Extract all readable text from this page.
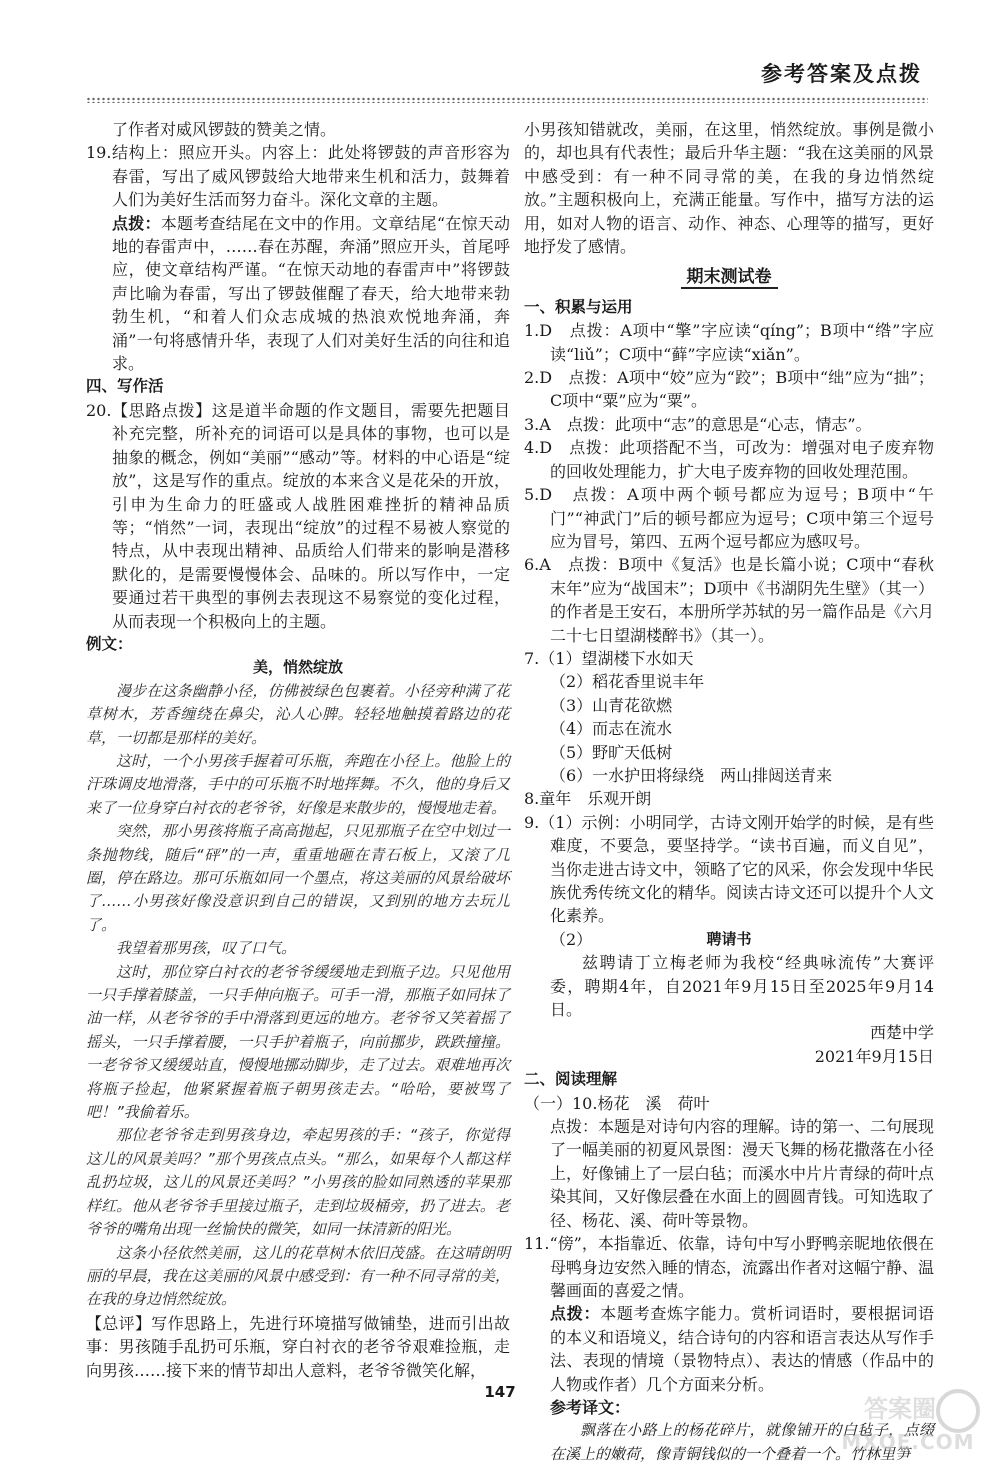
参考答案及点拨
了作者对威风锣鼓的赞美之情。
19.结构上：照应开头。内容上：此处将锣鼓的声音形容为春雷，写出了威风锣鼓给大地带来生机和活力，鼓舞着人们为美好生活而努力奋斗。深化文章的主题。
点拨：本题考查结尾在文中的作用。文章结尾“在惊天动地的春雷声中，……春在苏醒，奔涌”照应开头，首尾呼应，使文章结构严谨。“在惊天动地的春雷声中”将锣鼓声比喻为春雷，写出了锣鼓催醒了春天，给大地带来勃勃生机，“和着人们众志成城的热浪欢悦地奔涌，奔涌”一句将感情升华，表现了人们对美好生活的向往和追求。
四、写作活
20.【思路点拨】这是道半命题的作文题目，需要先把题目补充完整，所补充的词语可以是具体的事物，也可以是抽象的概念，例如“美丽”“感动”等。材料的中心语是“绽放”，这是写作的重点。绽放的本来含义是花朵的开放，引申为生命力的旺盛或人战胜困难挫折的精神品质等；“悄然”一词，表现出“绽放”的过程不易被人察觉的特点，从中表现出精神、品质给人们带来的影响是潜移默化的，是需要慢慢体会、品味的。所以写作中，一定要通过若干典型的事例去表现这不易察觉的变化过程，从而表现一个积极向上的主题。
例文：
美，悄然绽放
漫步在这条幽静小径，仿佛被绿色包裹着。小径旁种满了花草树木，芳香缠绕在鼻尖，沁人心脾。轻轻地触摸着路边的花草，一切都是那样的美好。
这时，一个小男孩手握着可乐瓶，奔跑在小径上。他脸上的汗珠调皮地滑落，手中的可乐瓶不时地挥舞。不久，他的身后又来了一位身穿白衬衣的老爷爷，好像是来散步的，慢慢地走着。
突然，那小男孩将瓶子高高抛起，只见那瓶子在空中划过一条抛物线，随后“砰”的一声，重重地砸在青石板上，又滚了几圈，停在路边。那可乐瓶如同一个墨点，将这美丽的风景给破坏了……小男孩好像没意识到自己的错误，又到别的地方去玩儿了。
我望着那男孩，叹了口气。
这时，那位穿白衬衣的老爷爷缓缓地走到瓶子边。只见他用一只手撑着膝盖，一只手伸向瓶子。可手一滑，那瓶子如同抹了油一样，从老爷爷的手中滑落到更远的地方。老爷爷又笑着摇了摇头，一只手撑着腰，一只手护着瓶子，向前挪步，跌跌撞撞。一老爷爷又缓缓站直，慢慢地挪动脚步，走了过去。艰难地再次将瓶子捡起，他紧紧握着瓶子朝男孩走去。“哈哈，要被骂了吧！”我偷着乐。
那位老爷爷走到男孩身边，牵起男孩的手：“孩子，你觉得这儿的风景美吗？”那个男孩点点头。“那么，如果每个人都这样乱扔垃圾，这儿的风景还美吗？”小男孩的脸如同熟透的苹果那样红。他从老爷爷手里接过瓶子，走到垃圾桶旁，扔了进去。老爷爷的嘴角出现一丝愉快的微笑，如同一抹清新的阳光。
这条小径依然美丽，这儿的花草树木依旧茂盛。在这晴朗明丽的早晨，我在这美丽的风景中感受到：有一种不同寻常的美，在我的身边悄然绽放。
【总评】写作思路上，先进行环境描写做铺垫，进而引出故事：男孩随手乱扔可乐瓶，穿白衬衣的老爷爷艰难捡瓶，走向男孩……接下来的情节却出人意料，老爷爷微笑化解，
小男孩知错就改，美丽，在这里，悄然绽放。事例是微小的，却也具有代表性；最后升华主题：“我在这美丽的风景中感受到：有一种不同寻常的美，在我的身边悄然绽放。”主题积极向上，充满正能量。写作中，描写方法的运用，如对人物的语言、动作、神态、心理等的描写，更好地抒发了感情。
期末测试卷
一、积累与运用
1.D　点拨：A项中“擎”字应读“qíng”；B项中“绺”字应读“liǔ”；C项中“藓”字应读“xiǎn”。
2.D　点拨：A项中“姣”应为“跤”；B项中“绌”应为“拙”；C项中“粟”应为“粟”。
3.A　点拨：此项中“志”的意思是“心志，情志”。
4.D　点拨：此项搭配不当，可改为：增强对电子废弃物的回收处理能力，扩大电子废弃物的回收处理范围。
5.D　点拨：A项中两个顿号都应为逗号；B项中“午门”“神武门”后的顿号都应为逗号；C项中第三个逗号应为冒号，第四、五两个逗号都应为感叹号。
6.A　点拨：B项中《复活》也是长篇小说；C项中“春秋末年”应为“战国末”；D项中《书湖阴先生壁》（其一）的作者是王安石，本册所学苏轼的另一篇作品是《六月二十七日望湖楼醉书》（其一）。
7.（1）望湖楼下水如天
（2）稻花香里说丰年
（3）山青花欲燃
（4）而志在流水
（5）野旷天低树
（6）一水护田将绿绕　两山排闼送青来
8.童年　乐观开朗
9.（1）示例：小明同学，古诗文刚开始学的时候，是有些难度，不要急，要坚持学。“读书百遍，而义自见”，当你走进古诗文中，领略了它的风采，你会发现中华民族优秀传统文化的精华。阅读古诗文还可以提升个人文化素养。
（2）	聘请书
兹聘请丁立梅老师为我校“经典咏流传”大赛评委，聘期4年，自2021年9月15日至2025年9月14日。
西楚中学
2021年9月15日
二、阅读理解
（一）10.杨花　溪　荷叶
点拨：本题是对诗句内容的理解。诗的第一、二句展现了一幅美丽的初夏风景图：漫天飞舞的杨花撒落在小径上，好像铺上了一层白毡；而溪水中片片青绿的荷叶点染其间，又好像层叠在水面上的圆圆青钱。可知选取了径、杨花、溪、荷叶等景物。
11.“傍”，本指靠近、依靠，诗句中写小野鸭亲昵地依偎在母鸭身边安然入睡的情态，流露出作者对这幅宁静、温馨画面的喜爱之情。
点拨：本题考查炼字能力。赏析词语时，要根据词语的本义和语境义，结合诗句的内容和语言表达从写作手法、表现的情境（景物特点）、表达的情感（作品中的人物或作者）几个方面来分析。
参考译文：
飘落在小路上的杨花碎片，就像铺开的白毡子，点缀在溪上的嫩荷，像青铜钱似的一个叠着一个。竹林里笋
147
答案圈
MXQE.COM
